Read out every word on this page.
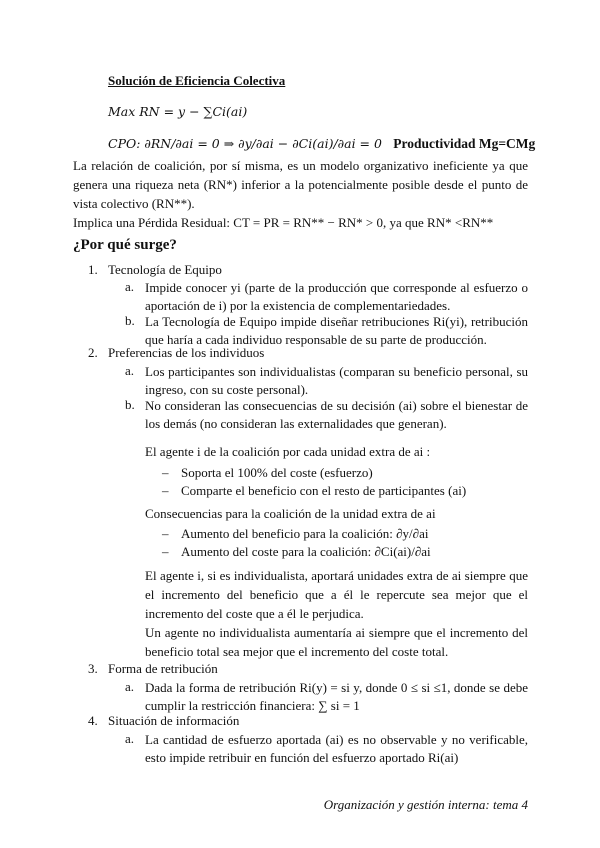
Solución de Eficiencia Colectiva
Max RN = y − ∑Ci(ai)
CPO: ∂RN/∂ai = 0 ⇒ ∂y/∂ai − ∂Ci(ai)/∂ai = 0 Productividad Mg=CMg
La relación de coalición, por sí misma, es un modelo organizativo ineficiente ya que genera una riqueza neta (RN*) inferior a la potencialmente posible desde el punto de vista colectivo (RN**).
Implica una Pérdida Residual: CT = PR = RN** − RN* > 0, ya que RN* <RN**
¿Por qué surge?
1. Tecnología de Equipo
a. Impide conocer yi (parte de la producción que corresponde al esfuerzo o aportación de i) por la existencia de complementariedades.
b. La Tecnología de Equipo impide diseñar retribuciones Ri(yi), retribución que haría a cada individuo responsable de su parte de producción.
2. Preferencias de los individuos
a. Los participantes son individualistas (comparan su beneficio personal, su ingreso, con su coste personal).
b. No consideran las consecuencias de su decisión (ai) sobre el bienestar de los demás (no consideran las externalidades que generan).
El agente i de la coalición por cada unidad extra de ai :
– Soporta el 100% del coste (esfuerzo)
– Comparte el beneficio con el resto de participantes (ai)
Consecuencias para la coalición de la unidad extra de ai
– Aumento del beneficio para la coalición: ∂y/∂ai
– Aumento del coste para la coalición: ∂Ci(ai)/∂ai
El agente i, si es individualista, aportará unidades extra de ai siempre que el incremento del beneficio que a él le repercute sea mejor que el incremento del coste que a él le perjudica.
Un agente no individualista aumentaría ai siempre que el incremento del beneficio total sea mejor que el incremento del coste total.
3. Forma de retribución
a. Dada la forma de retribución Ri(y) = si y, donde 0 ≤ si ≤1, donde se debe cumplir la restricción financiera: ∑ si = 1
4. Situación de información
a. La cantidad de esfuerzo aportada (ai) es no observable y no verificable, esto impide retribuir en función del esfuerzo aportado Ri(ai)
Organización y gestión interna: tema 4
